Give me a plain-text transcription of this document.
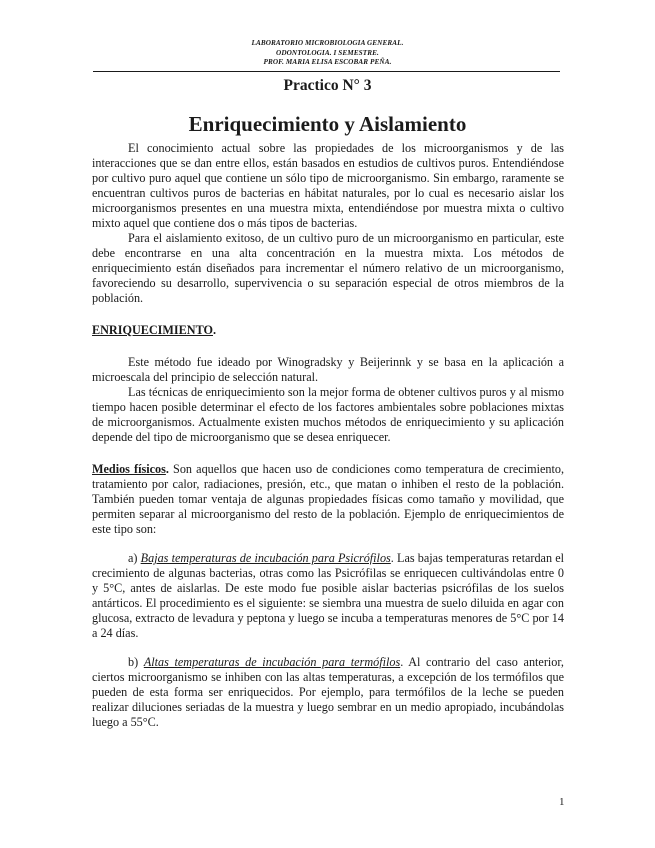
LABORATORIO MICROBIOLOGIA GENERAL.
ODONTOLOGIA. I SEMESTRE.
PROF. MARIA ELISA ESCOBAR PEÑA.
Practico N° 3
Enriquecimiento y Aislamiento

El conocimiento actual sobre las propiedades de los microorganismos y de las interacciones que se dan entre ellos, están basados en estudios de cultivos puros. Entendiéndose por cultivo puro aquel que contiene un sólo tipo de microorganismo. Sin embargo, raramente se encuentran cultivos puros de bacterias en hábitat naturales, por lo cual es necesario aislar los microorganismos presentes en una muestra mixta, entendiéndose por muestra mixta o cultivo mixto aquel que contiene dos o más tipos de bacterias.

Para el aislamiento exitoso, de un cultivo puro de un microorganismo en particular, este debe encontrarse en una alta concentración en la muestra mixta. Los métodos de enriquecimiento están diseñados para incrementar el número relativo de un microorganismo, favoreciendo su desarrollo, supervivencia o su separación especial de otros miembros de la población.

ENRIQUECIMIENTO.

Este método fue ideado por Winogradsky y Beijerinnk y se basa en la aplicación a microescala del principio de selección natural.

Las técnicas de enriquecimiento son la mejor forma de obtener cultivos puros y al mismo tiempo hacen posible determinar el efecto de los factores ambientales sobre poblaciones mixtas de microorganismos. Actualmente existen muchos métodos de enriquecimiento y su aplicación depende del tipo de microorganismo que se desea enriquecer.

Medios físicos. Son aquellos que hacen uso de condiciones como temperatura de crecimiento, tratamiento por calor, radiaciones, presión, etc., que matan o inhiben el resto de la población. También pueden tomar ventaja de algunas propiedades físicas como tamaño y movilidad, que permiten separar al microorganismo del resto de la población. Ejemplo de enriquecimientos de este tipo son:

a) Bajas temperaturas de incubación para Psicrófilos. Las bajas temperaturas retardan el crecimiento de algunas bacterias, otras como las Psicrófilas se enriquecen cultivándolas entre 0 y 5°C, antes de aislarlas. De este modo fue posible aislar bacterias psicrófilas de los suelos antárticos. El procedimiento es el siguiente: se siembra una muestra de suelo diluida en agar con glucosa, extracto de levadura y peptona y luego se incuba a temperaturas menores de 5°C por 14 a 24 días.

b) Altas temperaturas de incubación para termófilos. Al contrario del caso anterior, ciertos microorganismo se inhiben con las altas temperaturas, a excepción de los termófilos que pueden de esta forma ser enriquecidos. Por ejemplo, para termófilos de la leche se pueden realizar diluciones seriadas de la muestra y luego sembrar en un medio apropiado, incubándolas luego a 55°C.

1
